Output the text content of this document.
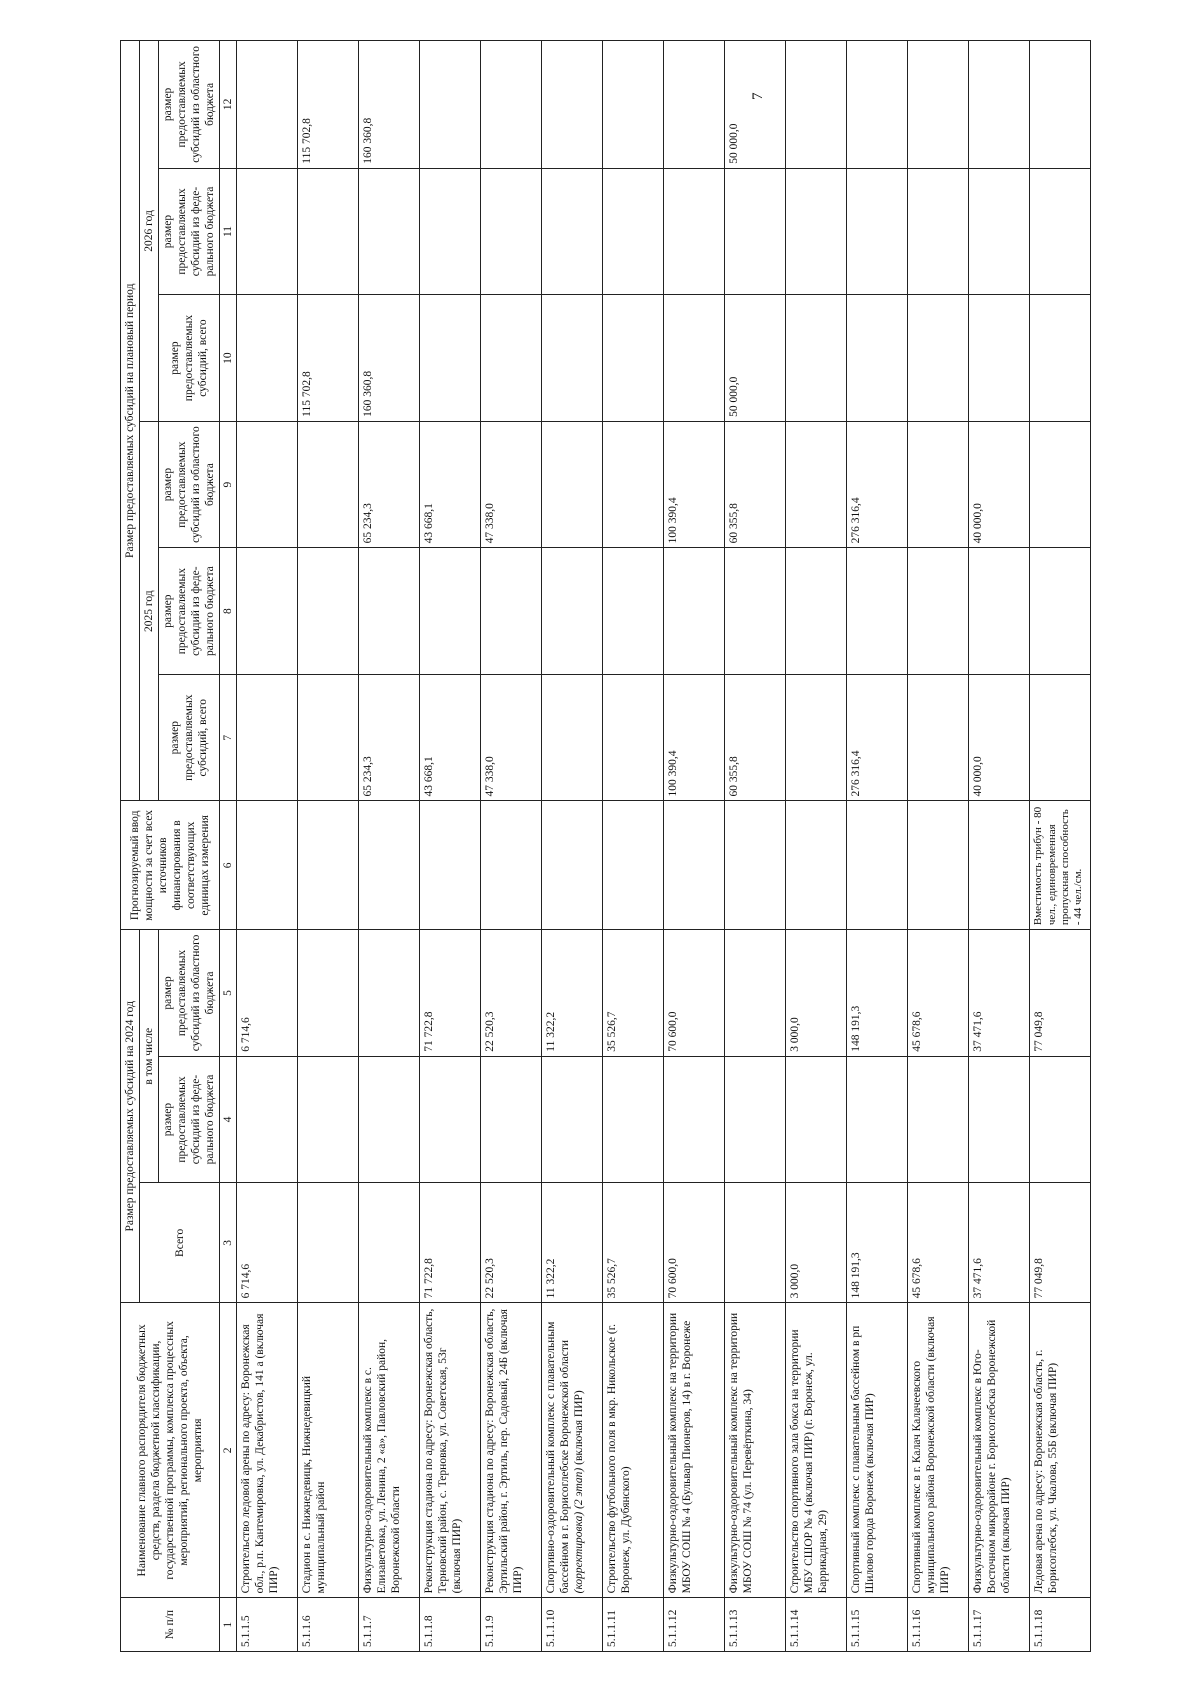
7
№ п/п	Наименование главного распорядителя бюджетных средств, раздела бюджетной классификации, государственной программы, комплекса процессных мероприятий, регионального проекта, объекта, мероприятия	Размер предоставляемых субсидий на 2024 год			Прогнозируемый ввод мощности за счет всех источников финансирования в соответствующих единицах измерения	Размер предоставляемых субсидий на плановый период					
		Всего	в том числе			2025 год			2026 год		
			размер предоставляемых субсидий из феде-рального бюджета	размер предоставляемых субсидий из областного бюджета		размер предоставляемых субсидий, всего	размер предоставляемых субсидий из феде-рального бюджета	размер предоставляемых субсидий из областного бюджета	размер предоставляемых субсидий, всего	размер предоставляемых субсидий из феде-рального бюджета	размер предоставляемых субсидий из областного бюджета
1	2	3	4	5	6	7	8	9	10	11	12
5.1.1.5	Строительство ледовой арены по адресу: Воронежская обл., р.п. Кантемировка, ул. Декабристов, 141 а (включая ПИР)	6 714,6		6 714,6							
5.1.1.6	Стадион в с. Нижнедевицк, Нижнедевицкий муниципальный район								115 702,8		115 702,8
5.1.1.7	Физкультурно-оздоровительный комплекс в с. Елизаветовка, ул. Ленина, 2 «а», Павловский район, Воронежской области					65 234,3		65 234,3	160 360,8		160 360,8
5.1.1.8	Реконструкция стадиона по адресу: Воронежская область, Терновский район, с. Терновка, ул. Советская, 53г (включая ПИР)	71 722,8		71 722,8		43 668,1		43 668,1			
5.1.1.9	Реконструкция стадиона по адресу: Воронежская область, Эртильский район, г. Эртиль, пер. Садовый, 24Б (включая ПИР)	22 520,3		22 520,3		47 338,0		47 338,0			
5.1.1.10	Спортивно-оздоровительный комплекс с плавательным бассейном в г. Борисоглебске Воронежской области (корректировка) (2 этап) (включая ПИР)	11 322,2		11 322,2							
5.1.1.11	Строительство футбольного поля в мкр. Никольское (г. Воронеж, ул. Дубянского)	35 526,7		35 526,7							
5.1.1.12	Физкультурно-оздоровительный комплекс на территории МБОУ СОШ № 4 (Бульвар Пионеров, 14) в г. Воронеже	70 600,0		70 600,0		100 390,4		100 390,4			
5.1.1.13	Физкультурно-оздоровительный комплекс на территории МБОУ СОШ № 74 (ул. Перевёрткина, 34)					60 355,8		60 355,8	50 000,0		50 000,0
5.1.1.14	Строительство спортивного зала бокса на территории МБУ СШОР № 4 (включая ПИР) (г. Воронеж, ул. Баррикадная, 29)	3 000,0		3 000,0							
5.1.1.15	Спортивный комплекс с плавательным бассейном в рп Шилово города Воронеж (включая ПИР)	148 191,3		148 191,3		276 316,4		276 316,4			
5.1.1.16	Спортивный комплекс в г. Калач Калачеевского муниципального района Воронежской области (включая ПИР)	45 678,6		45 678,6							
5.1.1.17	Физкультурно-оздоровительный комплекс в Юго-Восточном микрорайоне г. Борисоглебска Воронежской области (включая ПИР)	37 471,6		37 471,6		40 000,0		40 000,0			
5.1.1.18	Ледовая арена по адресу: Воронежская область, г. Борисоглебск, ул. Чкалова, 55Б (включая ПИР)	77 049,8		77 049,8	Вместимость трибун - 80 чел., единовременная пропускная способность - 44 чел./см.						
